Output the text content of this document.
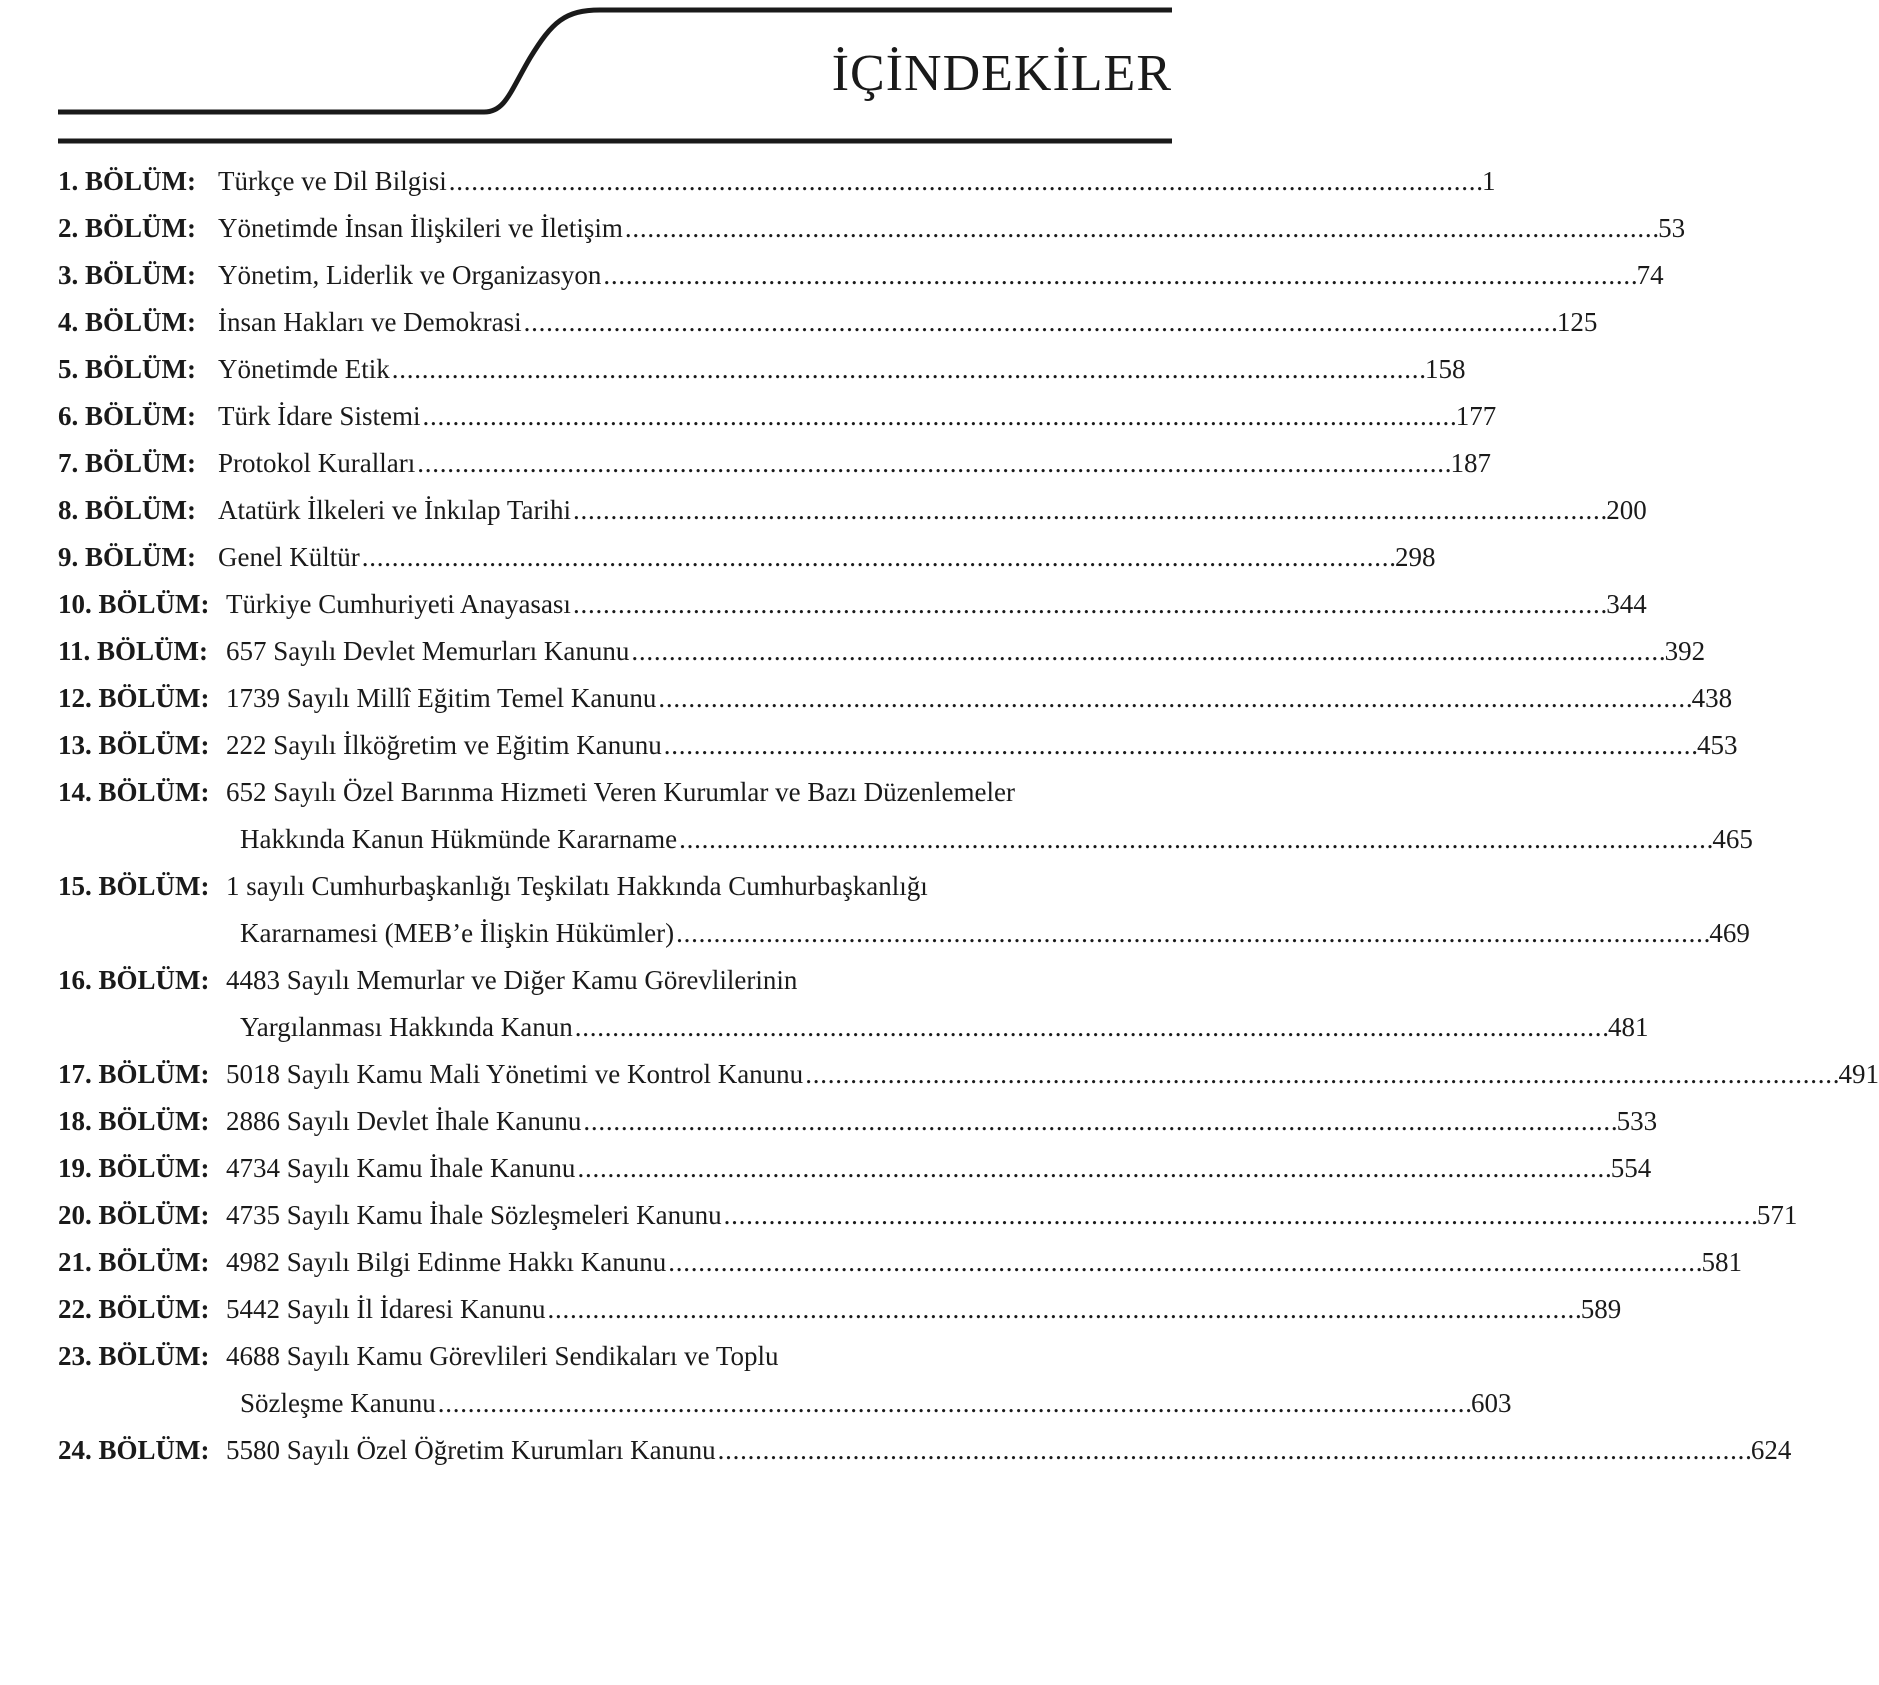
İÇİNDEKİLER
1. BÖLÜM: Türkçe ve Dil Bilgisi . . .	1
2. BÖLÜM: Yönetimde İnsan İlişkileri ve İletişim . . .	53
3. BÖLÜM: Yönetim, Liderlik ve Organizasyon . . .	74
4. BÖLÜM: İnsan Hakları ve Demokrasi . . .	125
5. BÖLÜM: Yönetimde Etik . . .	158
6. BÖLÜM: Türk İdare Sistemi . . .	177
7. BÖLÜM: Protokol Kuralları . . .	187
8. BÖLÜM: Atatürk İlkeleri ve İnkılap Tarihi . . .	200
9. BÖLÜM: Genel Kültür . . .	298
10. BÖLÜM: Türkiye Cumhuriyeti Anayasası . . .	344
11. BÖLÜM: 657 Sayılı Devlet Memurları Kanunu . . .	392
12. BÖLÜM: 1739 Sayılı Millî Eğitim Temel Kanunu . . .	438
13. BÖLÜM: 222 Sayılı İlköğretim ve Eğitim Kanunu . . .	453
14. BÖLÜM: 652 Sayılı Özel Barınma Hizmeti Veren Kurumlar ve Bazı Düzenlemeler
Hakkında Kanun Hükmünde Kararname . . .	465
15. BÖLÜM: 1 sayılı Cumhurbaşkanlığı Teşkilatı Hakkında Cumhurbaşkanlığı
Kararnamesi (MEB’e İlişkin Hükümler) . . .	469
16. BÖLÜM: 4483 Sayılı Memurlar ve Diğer Kamu Görevlilerinin
Yargılanması Hakkında Kanun . . .	481
17. BÖLÜM: 5018 Sayılı Kamu Mali Yönetimi ve Kontrol Kanunu . . .	491
18. BÖLÜM: 2886 Sayılı Devlet İhale Kanunu . . .	533
19. BÖLÜM: 4734 Sayılı Kamu İhale Kanunu . . .	554
20. BÖLÜM: 4735 Sayılı Kamu İhale Sözleşmeleri Kanunu . . .	571
21. BÖLÜM: 4982 Sayılı Bilgi Edinme Hakkı Kanunu . . .	581
22. BÖLÜM: 5442 Sayılı İl İdaresi Kanunu . . .	589
23. BÖLÜM: 4688 Sayılı Kamu Görevlileri Sendikaları ve Toplu
Sözleşme Kanunu . . .	603
24. BÖLÜM: 5580 Sayılı Özel Öğretim Kurumları Kanunu . . .	624
